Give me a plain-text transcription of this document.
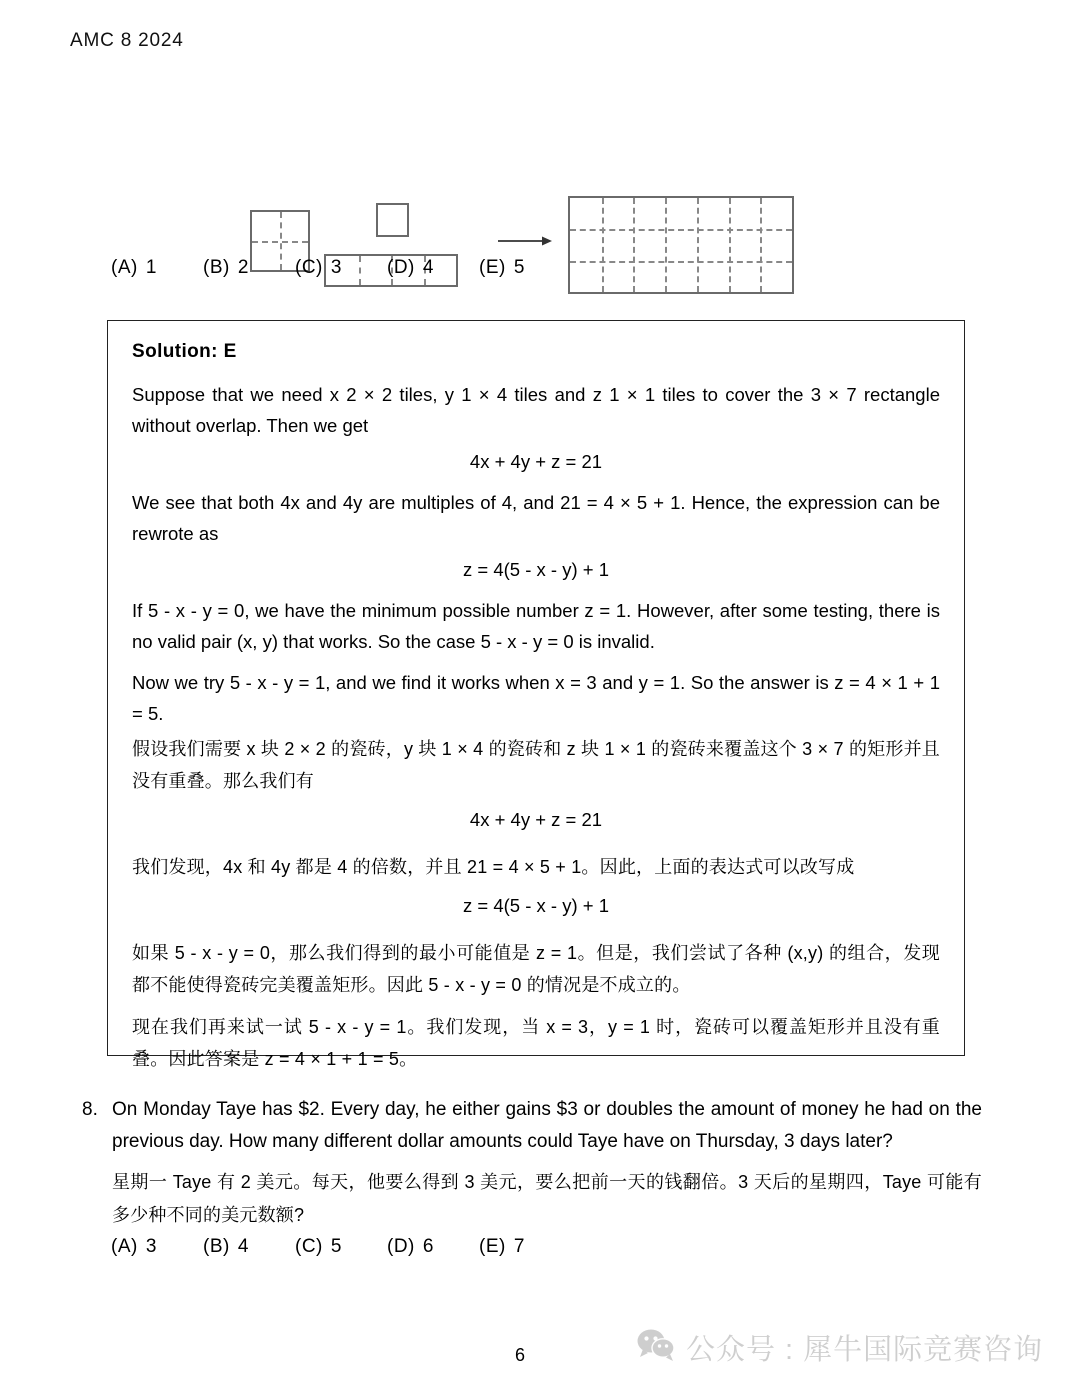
AMC 8 2024
(A) 1 (B) 2 (C) 3 (D) 4 (E) 5
Solution: E

Suppose that we need x 2 × 2 tiles, y 1 × 4 tiles and z 1 × 1 tiles to cover the 3 × 7 rectangle without overlap. Then we get

4x + 4y + z = 21

We see that both 4x and 4y are multiples of 4, and 21 = 4 × 5 + 1. Hence, the expression can be rewrote as

z = 4(5 - x - y) + 1

If 5 - x - y = 0, we have the minimum possible number z = 1. However, after some testing, there is no valid pair (x, y) that works. So the case 5 - x - y = 0 is invalid.

Now we try 5 - x - y = 1, and we find it works when x = 3 and y = 1. So the answer is z = 4 × 1 + 1 = 5.

假设我们需要 x 块 2 × 2 的瓷砖，y 块 1 × 4 的瓷砖和 z 块 1 × 1 的瓷砖来覆盖这个 3 × 7 的矩形并且没有重叠。那么我们有

4x + 4y + z = 21

我们发现，4x 和 4y 都是 4 的倍数，并且 21 = 4 × 5 + 1。因此，上面的表达式可以改写成

z = 4(5 - x - y) + 1

如果 5 - x - y = 0，那么我们得到的最小可能值是 z = 1。但是，我们尝试了各种 (x,y) 的组合，发现都不能使得瓷砖完美覆盖矩形。因此 5 - x - y = 0 的情况是不成立的。

现在我们再来试一试 5 - x - y = 1。我们发现，当 x = 3，y = 1 时，瓷砖可以覆盖矩形并且没有重叠。因此答案是 z = 4 × 1 + 1 = 5。

8. On Monday Taye has $2. Every day, he either gains $3 or doubles the amount of money he had on the previous day. How many different dollar amounts could Taye have on Thursday, 3 days later?

星期一 Taye 有 2 美元。每天，他要么得到 3 美元，要么把前一天的钱翻倍。3 天后的星期四，Taye 可能有多少种不同的美元数额?

(A) 3 (B) 4 (C) 5 (D) 6 (E) 7
6	公众号 : 犀牛国际竞赛咨询
